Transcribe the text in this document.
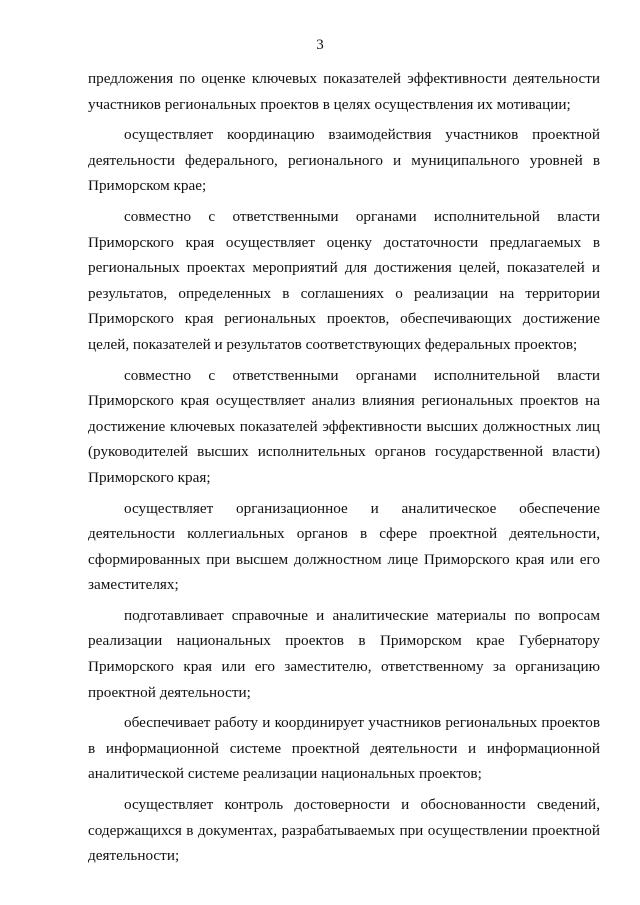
3

предложения по оценке ключевых показателей эффективности деятельности участников региональных проектов в целях осуществления их мотивации;

осуществляет координацию взаимодействия участников проектной деятельности федерального, регионального и муниципального уровней в Приморском крае;

совместно с ответственными органами исполнительной власти Приморского края осуществляет оценку достаточности предлагаемых в региональных проектах мероприятий для достижения целей, показателей и результатов, определенных в соглашениях о реализации на территории Приморского края региональных проектов, обеспечивающих достижение целей, показателей и результатов соответствующих федеральных проектов;

совместно с ответственными органами исполнительной власти Приморского края осуществляет анализ влияния региональных проектов на достижение ключевых показателей эффективности высших должностных лиц (руководителей высших исполнительных органов государственной власти) Приморского края;

осуществляет организационное и аналитическое обеспечение деятельности коллегиальных органов в сфере проектной деятельности, сформированных при высшем должностном лице Приморского края или его заместителях;

подготавливает справочные и аналитические материалы по вопросам реализации национальных проектов в Приморском крае Губернатору Приморского края или его заместителю, ответственному за организацию проектной деятельности;

обеспечивает работу и координирует участников региональных проектов в информационной системе проектной деятельности и информационной аналитической системе реализации национальных проектов;

осуществляет контроль достоверности и обоснованности сведений, содержащихся в документах, разрабатываемых при осуществлении проектной деятельности;
